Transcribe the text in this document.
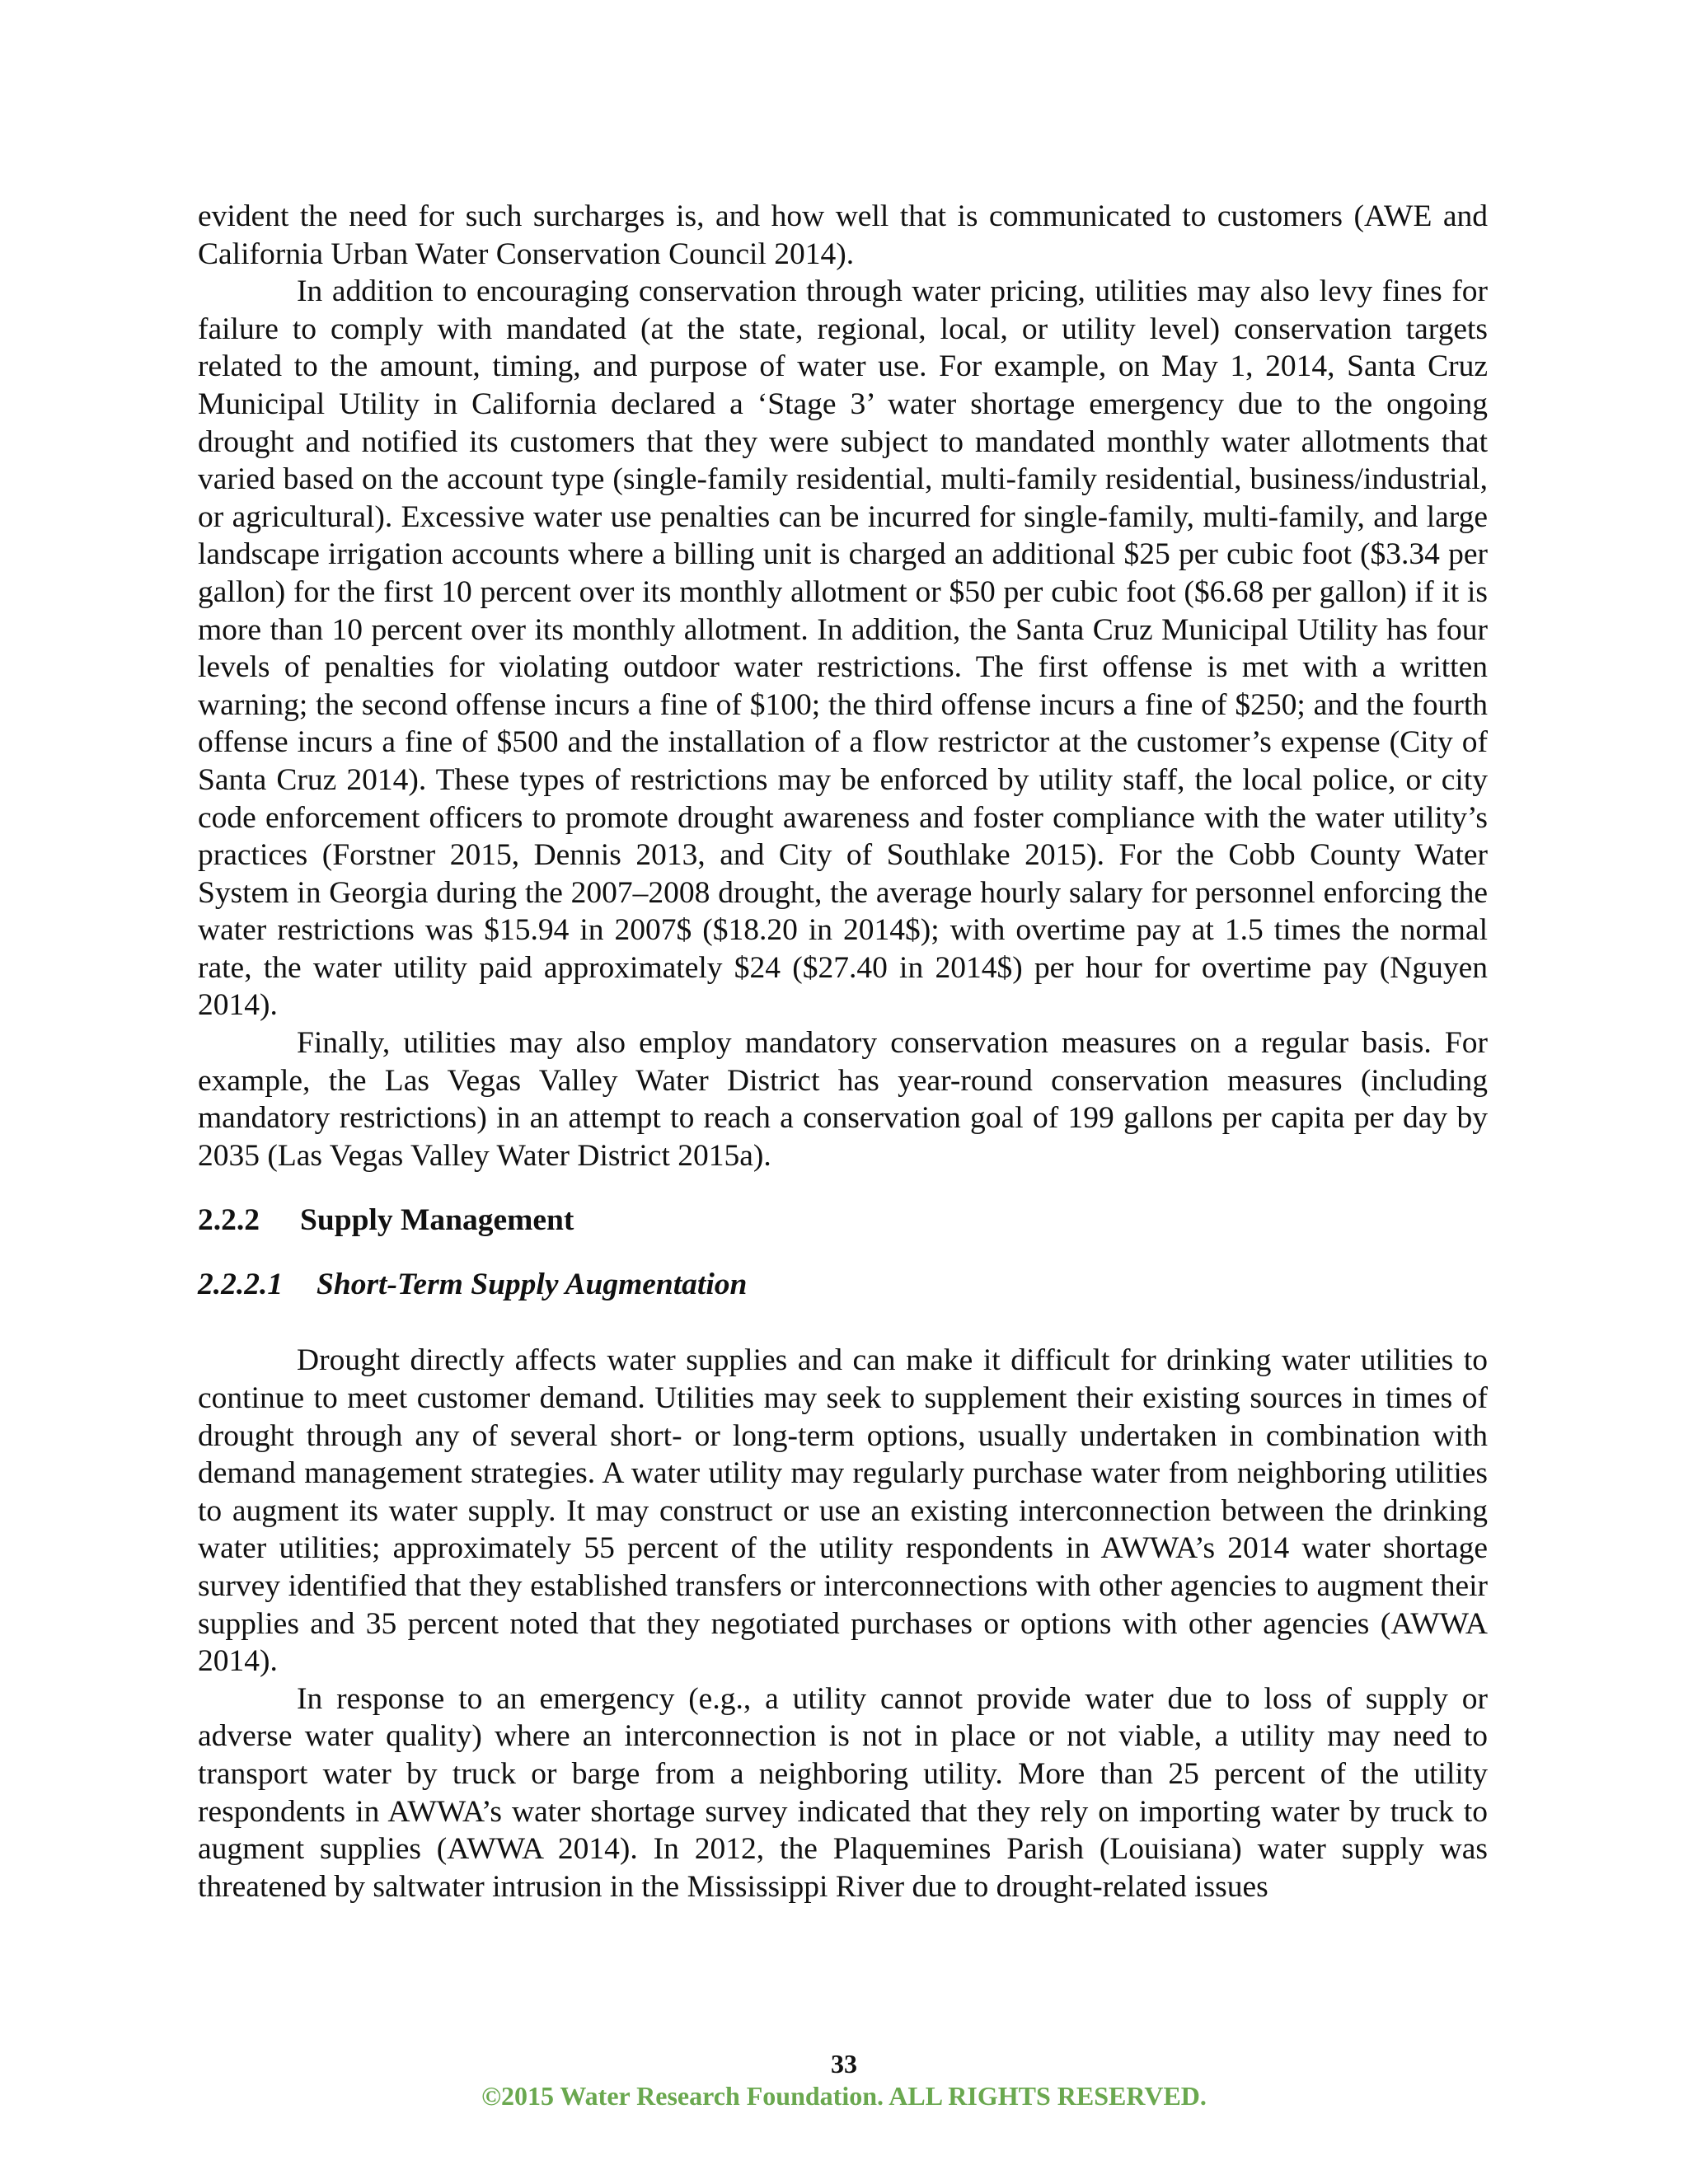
evident the need for such surcharges is, and how well that is communicated to customers (AWE and California Urban Water Conservation Council 2014).

In addition to encouraging conservation through water pricing, utilities may also levy fines for failure to comply with mandated (at the state, regional, local, or utility level) conservation targets related to the amount, timing, and purpose of water use. For example, on May 1, 2014, Santa Cruz Municipal Utility in California declared a ‘Stage 3’ water shortage emergency due to the ongoing drought and notified its customers that they were subject to mandated monthly water allotments that varied based on the account type (single-family residential, multi-family residential, business/industrial, or agricultural). Excessive water use penalties can be incurred for single-family, multi-family, and large landscape irrigation accounts where a billing unit is charged an additional $25 per cubic foot ($3.34 per gallon) for the first 10 percent over its monthly allotment or $50 per cubic foot ($6.68 per gallon) if it is more than 10 percent over its monthly allotment. In addition, the Santa Cruz Municipal Utility has four levels of penalties for violating outdoor water restrictions. The first offense is met with a written warning; the second offense incurs a fine of $100; the third offense incurs a fine of $250; and the fourth offense incurs a fine of $500 and the installation of a flow restrictor at the customer’s expense (City of Santa Cruz 2014). These types of restrictions may be enforced by utility staff, the local police, or city code enforcement officers to promote drought awareness and foster compliance with the water utility’s practices (Forstner 2015, Dennis 2013, and City of Southlake 2015). For the Cobb County Water System in Georgia during the 2007–2008 drought, the average hourly salary for personnel enforcing the water restrictions was $15.94 in 2007$ ($18.20 in 2014$); with overtime pay at 1.5 times the normal rate, the water utility paid approximately $24 ($27.40 in 2014$) per hour for overtime pay (Nguyen 2014).

Finally, utilities may also employ mandatory conservation measures on a regular basis. For example, the Las Vegas Valley Water District has year-round conservation measures (including mandatory restrictions) in an attempt to reach a conservation goal of 199 gallons per capita per day by 2035 (Las Vegas Valley Water District 2015a).

2.2.2 Supply Management
2.2.2.1 Short-Term Supply Augmentation

Drought directly affects water supplies and can make it difficult for drinking water utilities to continue to meet customer demand. Utilities may seek to supplement their existing sources in times of drought through any of several short- or long-term options, usually undertaken in combination with demand management strategies. A water utility may regularly purchase water from neighboring utilities to augment its water supply. It may construct or use an existing interconnection between the drinking water utilities; approximately 55 percent of the utility respondents in AWWA’s 2014 water shortage survey identified that they established transfers or interconnections with other agencies to augment their supplies and 35 percent noted that they negotiated purchases or options with other agencies (AWWA 2014).

In response to an emergency (e.g., a utility cannot provide water due to loss of supply or adverse water quality) where an interconnection is not in place or not viable, a utility may need to transport water by truck or barge from a neighboring utility. More than 25 percent of the utility respondents in AWWA’s water shortage survey indicated that they rely on importing water by truck to augment supplies (AWWA 2014). In 2012, the Plaquemines Parish (Louisiana) water supply was threatened by saltwater intrusion in the Mississippi River due to drought-related issues

33
©2015 Water Research Foundation. ALL RIGHTS RESERVED.
